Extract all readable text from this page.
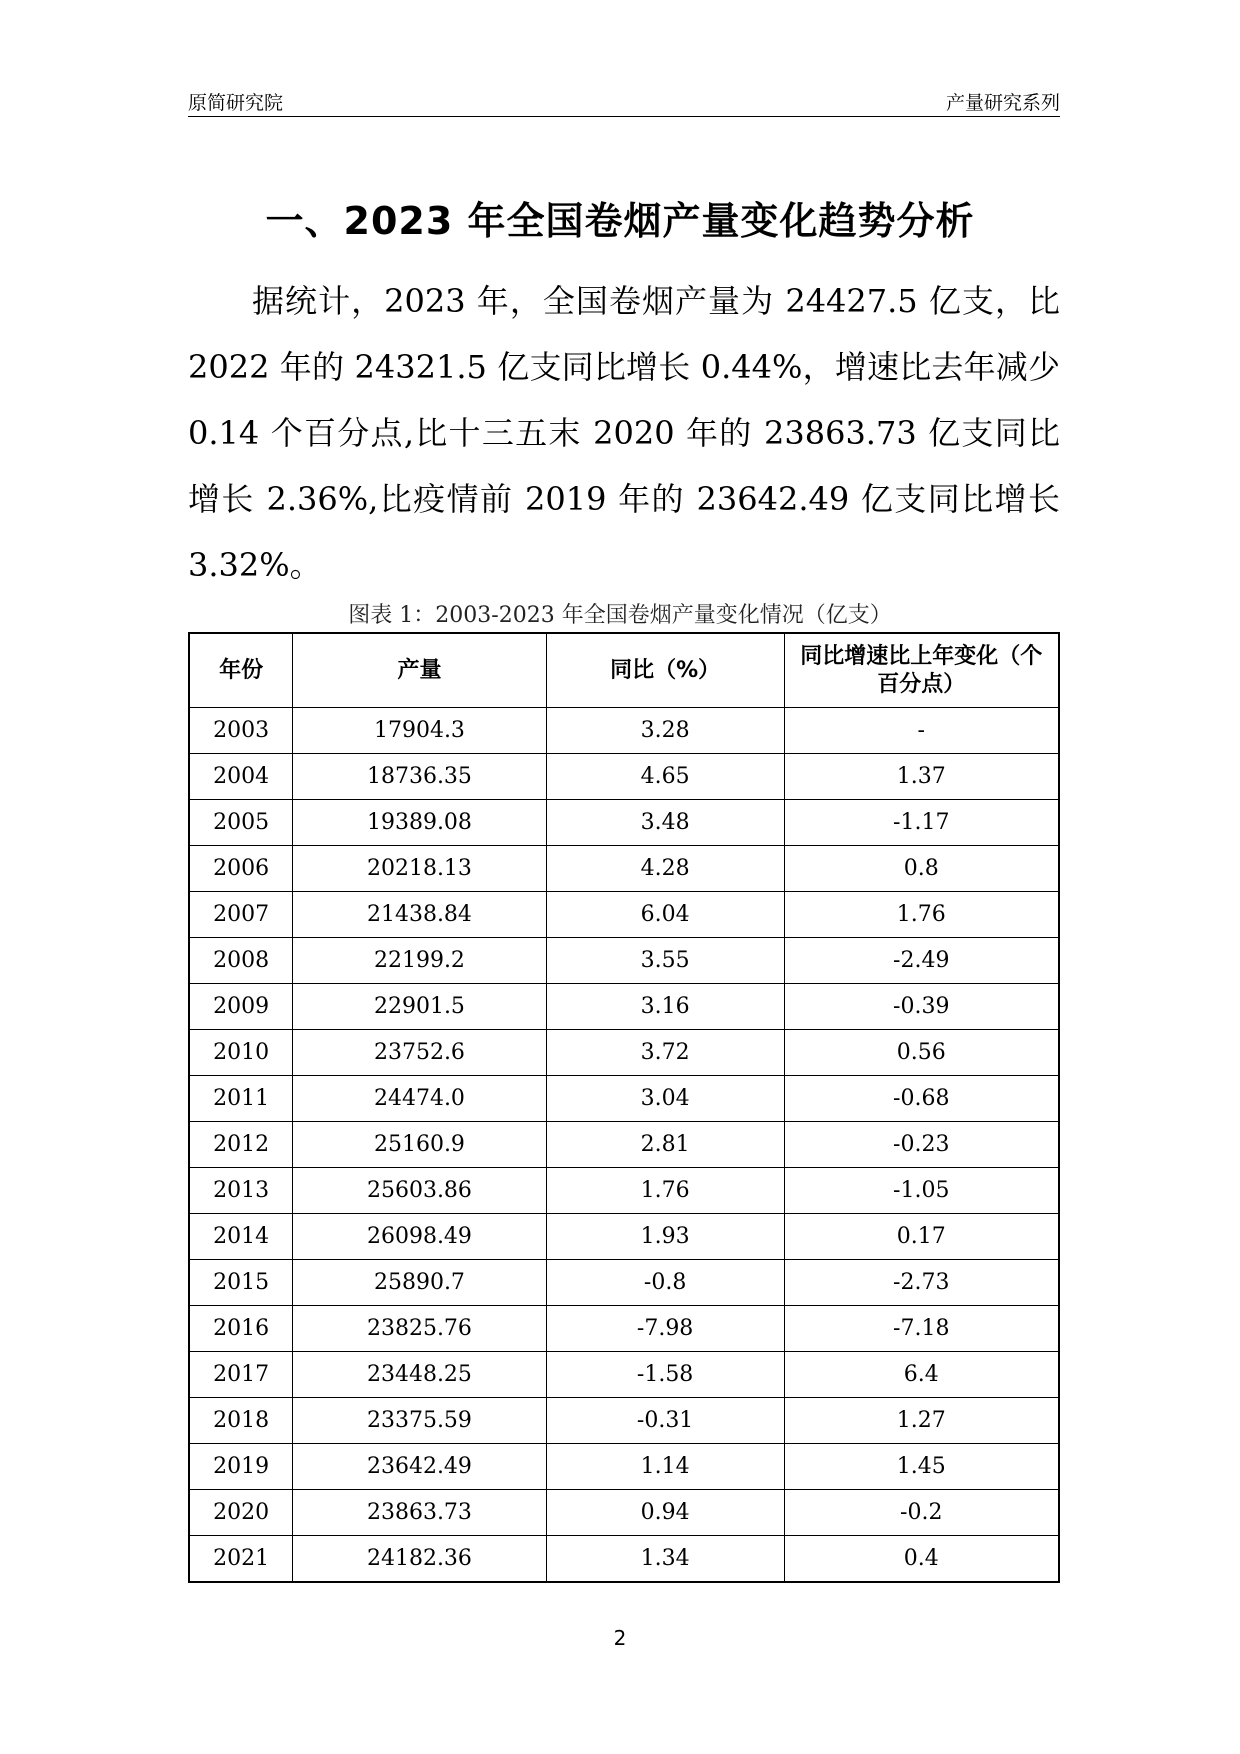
原简研究院	产量研究系列
一、2023 年全国卷烟产量变化趋势分析

据统计，2023 年，全国卷烟产量为 24427.5 亿支，比 2022 年的 24321.5 亿支同比增长 0.44%，增速比去年减少 0.14 个百分点,比十三五末 2020 年的 23863.73 亿支同比增长 2.36%,比疫情前 2019 年的 23642.49 亿支同比增长 3.32%。

图表 1：2003-2023 年全国卷烟产量变化情况（亿支）
年份	产量	同比（%）	同比增速比上年变化（个百分点）
2003	17904.3	3.28	-
2004	18736.35	4.65	1.37
2005	19389.08	3.48	-1.17
2006	20218.13	4.28	0.8
2007	21438.84	6.04	1.76
2008	22199.2	3.55	-2.49
2009	22901.5	3.16	-0.39
2010	23752.6	3.72	0.56
2011	24474.0	3.04	-0.68
2012	25160.9	2.81	-0.23
2013	25603.86	1.76	-1.05
2014	26098.49	1.93	0.17
2015	25890.7	-0.8	-2.73
2016	23825.76	-7.98	-7.18
2017	23448.25	-1.58	6.4
2018	23375.59	-0.31	1.27
2019	23642.49	1.14	1.45
2020	23863.73	0.94	-0.2
2021	24182.36	1.34	0.4
2
